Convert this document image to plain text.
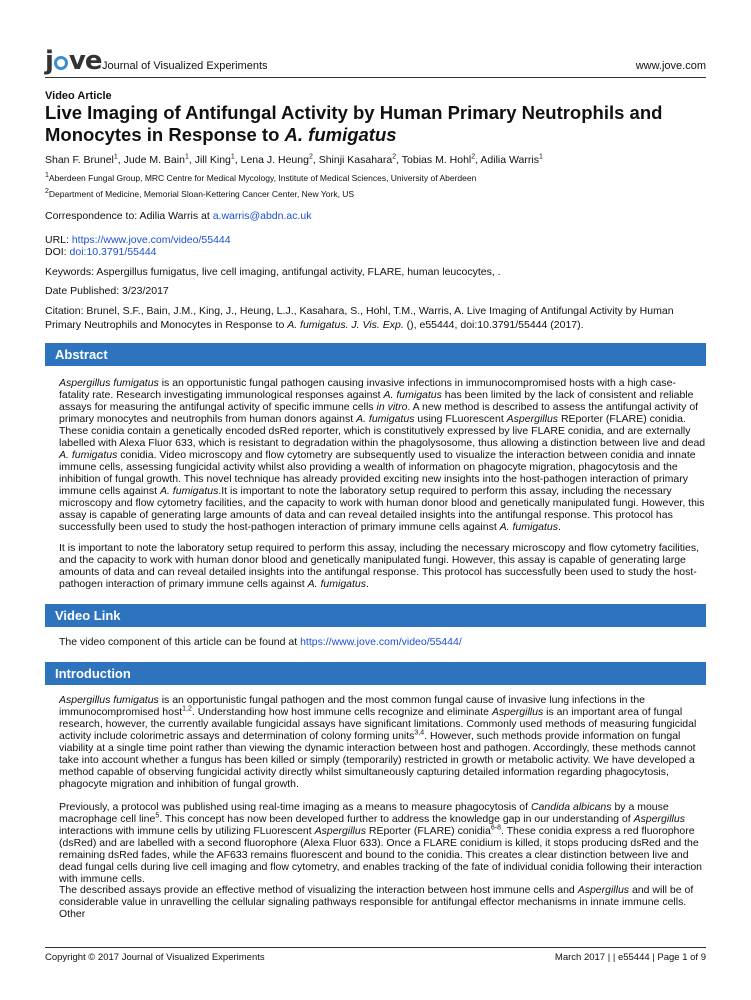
j ve Journal of Visualized Experiments	www.jove.com
Video Article
Live Imaging of Antifungal Activity by Human Primary Neutrophils and Monocytes in Response to A. fumigatus
Shan F. Brunel$^1$, Jude M. Bain$^1$, Jill King$^1$, Lena J. Heung$^2$, Shinji Kasahara$^2$, Tobias M. Hohl$^2$, Adilia Warris$^1$
$^1$Aberdeen Fungal Group, MRC Centre for Medical Mycology, Institute of Medical Sciences, University of Aberdeen
$^2$Department of Medicine, Memorial Sloan-Kettering Cancer Center, New York, US
Correspondence to: Adilia Warris at a.warris@abdn.ac.uk
URL: https://www.jove.com/video/55444
DOI: doi:10.3791/55444
Keywords: Aspergillus fumigatus, live cell imaging, antifungal activity, FLARE, human leucocytes, .
Date Published: 3/23/2017
Citation: Brunel, S.F., Bain, J.M., King, J., Heung, L.J., Kasahara, S., Hohl, T.M., Warris, A. Live Imaging of Antifungal Activity by Human Primary Neutrophils and Monocytes in Response to A. fumigatus. J. Vis. Exp. (), e55444, doi:10.3791/55444 (2017).
Abstract

Aspergillus fumigatus is an opportunistic fungal pathogen causing invasive infections in immunocompromised hosts with a high case-fatality rate. Research investigating immunological responses against A. fumigatus has been limited by the lack of consistent and reliable assays for measuring the antifungal activity of specific immune cells in vitro. A new method is described to assess the antifungal activity of primary monocytes and neutrophils from human donors against A. fumigatus using FLuorescent Aspergillus REporter (FLARE) conidia. These conidia contain a genetically encoded dsRed reporter, which is constitutively expressed by live FLARE conidia, and are externally labelled with Alexa Fluor 633, which is resistant to degradation within the phagolysosome, thus allowing a distinction between live and dead A. fumigatus conidia. Video microscopy and flow cytometry are subsequently used to visualize the interaction between conidia and innate immune cells, assessing fungicidal activity whilst also providing a wealth of information on phagocyte migration, phagocytosis and the inhibition of fungal growth. This novel technique has already provided exciting new insights into the host-pathogen interaction of primary immune cells against A. fumigatus.It is important to note the laboratory setup required to perform this assay, including the necessary microscopy and flow cytometry facilities, and the capacity to work with human donor blood and genetically manipulated fungi. However, this assay is capable of generating large amounts of data and can reveal detailed insights into the antifungal response. This protocol has successfully been used to study the host-pathogen interaction of primary immune cells against A. fumigatus.

It is important to note the laboratory setup required to perform this assay, including the necessary microscopy and flow cytometry facilities, and the capacity to work with human donor blood and genetically manipulated fungi. However, this assay is capable of generating large amounts of data and can reveal detailed insights into the antifungal response. This protocol has successfully been used to study the host-pathogen interaction of primary immune cells against A. fumigatus.

Video Link
The video component of this article can be found at https://www.jove.com/video/55444/
Introduction

Aspergillus fumigatus is an opportunistic fungal pathogen and the most common fungal cause of invasive lung infections in the immunocompromised host$^{1,2}$. Understanding how host immune cells recognize and eliminate Aspergillus is an important area of fungal research, however, the currently available fungicidal assays have significant limitations. Commonly used methods of measuring fungicidal activity include colorimetric assays and determination of colony forming units$^{3,4}$. However, such methods provide information on fungal viability at a single time point rather than viewing the dynamic interaction between host and pathogen. Accordingly, these methods cannot take into account whether a fungus has been killed or simply (temporarily) restricted in growth or metabolic activity. We have developed a method capable of observing fungicidal activity directly whilst simultaneously capturing detailed information regarding phagocytosis, phagocyte migration and inhibition of fungal growth.

Previously, a protocol was published using real-time imaging as a means to measure phagocytosis of Candida albicans by a mouse macrophage cell line$^5$. This concept has now been developed further to address the knowledge gap in our understanding of Aspergillus interactions with immune cells by utilizing FLuorescent Aspergillus REporter (FLARE) conidia$^{6-8}$. These conidia express a red fluorophore (dsRed) and are labelled with a second fluorophore (Alexa Fluor 633). Once a FLARE conidium is killed, it stops producing dsRed and the remaining dsRed fades, while the AF633 remains fluorescent and bound to the conidia. This creates a clear distinction between live and dead fungal cells during live cell imaging and flow cytometry, and enables tracking of the fate of individual conidia following their interaction with immune cells.

The described assays provide an effective method of visualizing the interaction between host immune cells and Aspergillus and will be of considerable value in unravelling the cellular signaling pathways responsible for antifungal effector mechanisms in innate immune cells. Other

Copyright © 2017 Journal of Visualized Experiments	March 2017 | | e55444 | Page 1 of 9
